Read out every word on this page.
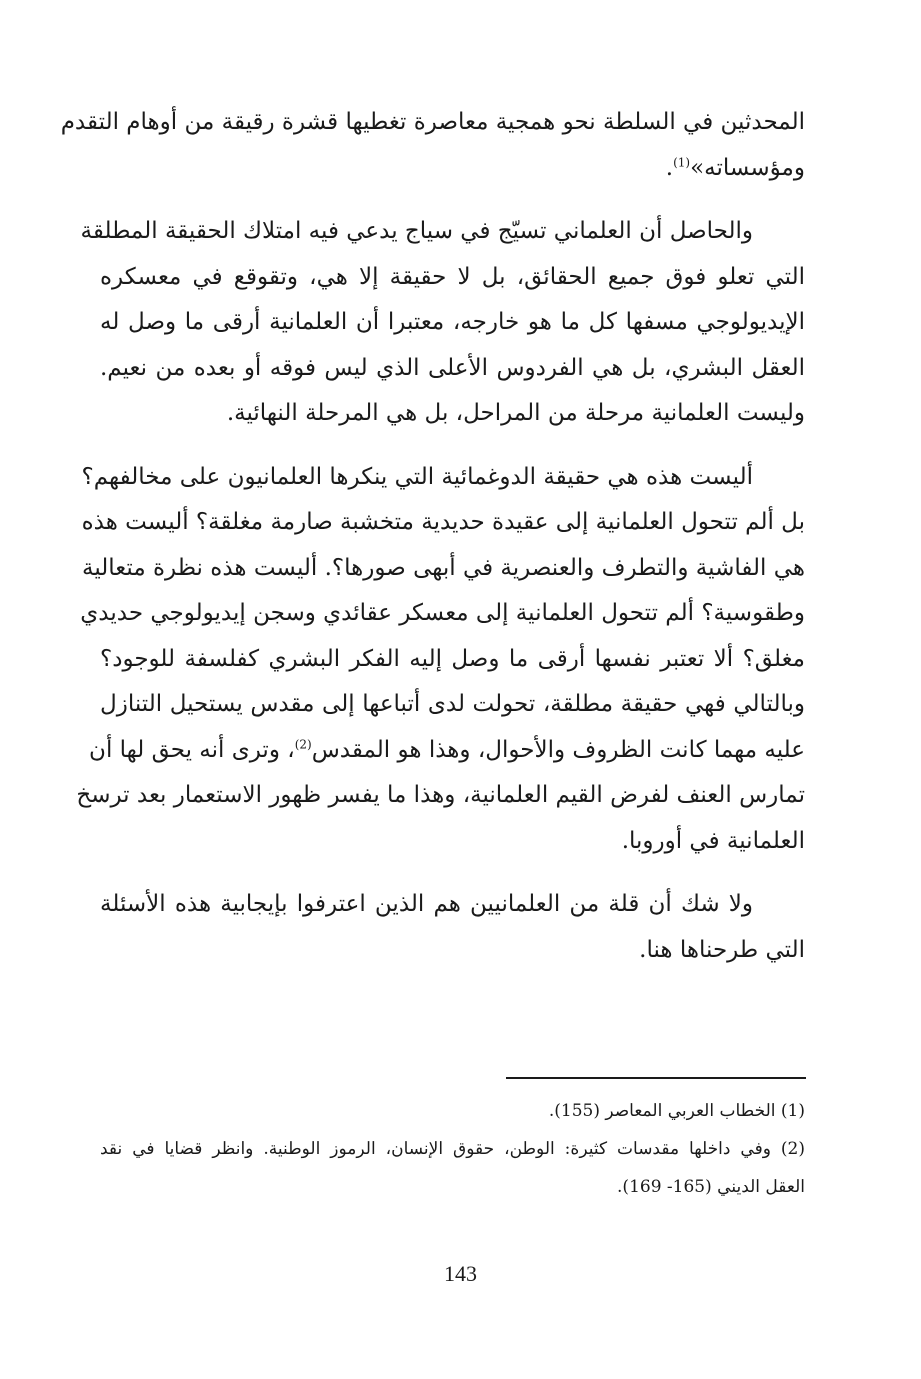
المحدثين في السلطة نحو همجية معاصرة تغطيها قشرة رقيقة من أوهام التقدم
ومؤسساته»$^{(1)}$.

والحاصل أن العلماني تسيّج في سياج يدعي فيه امتلاك الحقيقة المطلقة
التي تعلو فوق جميع الحقائق، بل لا حقيقة إلا هي، وتقوقع في معسكره
الإيديولوجي مسفها كل ما هو خارجه، معتبرا أن العلمانية أرقى ما وصل له
العقل البشري، بل هي الفردوس الأعلى الذي ليس فوقه أو بعده من نعيم.
وليست العلمانية مرحلة من المراحل، بل هي المرحلة النهائية.

أليست هذه هي حقيقة الدوغمائية التي ينكرها العلمانيون على مخالفهم؟
بل ألم تتحول العلمانية إلى عقيدة حديدية متخشبة صارمة مغلقة؟ أليست هذه
هي الفاشية والتطرف والعنصرية في أبهى صورها؟. أليست هذه نظرة متعالية
وطقوسية؟ ألم تتحول العلمانية إلى معسكر عقائدي وسجن إيديولوجي حديدي
مغلق؟ ألا تعتبر نفسها أرقى ما وصل إليه الفكر البشري كفلسفة للوجود؟
وبالتالي فهي حقيقة مطلقة، تحولت لدى أتباعها إلى مقدس يستحيل التنازل
عليه مهما كانت الظروف والأحوال، وهذا هو المقدس$^{(2)}$، وترى أنه يحق لها أن
تمارس العنف لفرض القيم العلمانية، وهذا ما يفسر ظهور الاستعمار بعد ترسخ
العلمانية في أوروبا.

ولا شك أن قلة من العلمانيين هم الذين اعترفوا بإيجابية هذه الأسئلة
التي طرحناها هنا.

(1) الخطاب العربي المعاصر (155).
(2) وفي داخلها مقدسات كثيرة: الوطن، حقوق الإنسان، الرموز الوطنية. وانظر قضايا في نقد
العقل الديني (165- 169).
143
